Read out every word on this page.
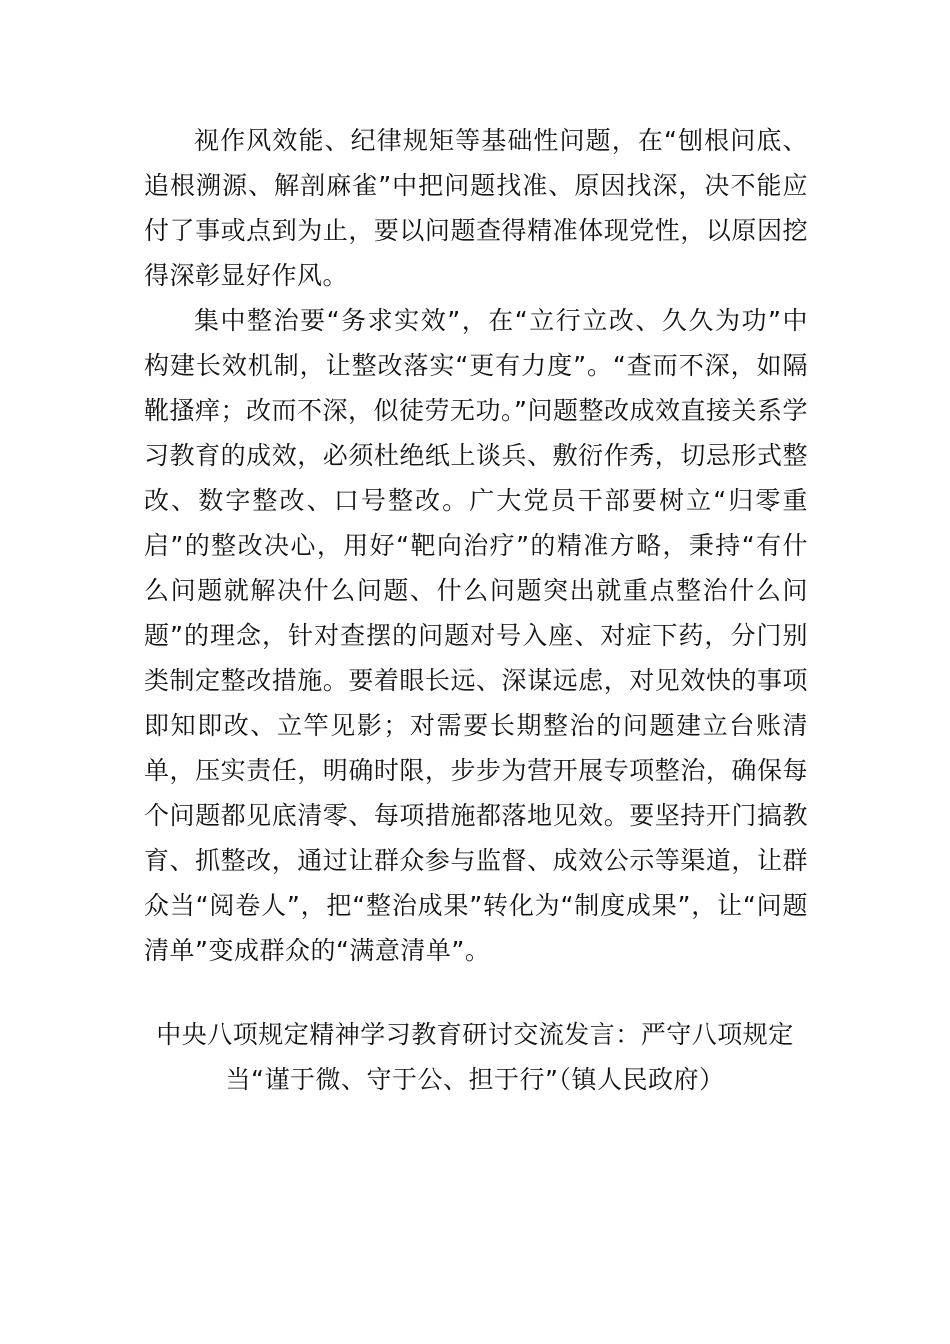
视作风效能、纪律规矩等基础性问题，在“刨根问底、追根溯源、解剖麻雀”中把问题找准、原因找深，决不能应付了事或点到为止，要以问题查得精准体现党性，以原因挖得深彰显好作风。

集中整治要“务求实效”，在“立行立改、久久为功”中构建长效机制，让整改落实“更有力度”。“查而不深，如隔靴搔痒；改而不深，似徒劳无功。”问题整改成效直接关系学习教育的成效，必须杜绝纸上谈兵、敷衍作秀，切忌形式整改、数字整改、口号整改。广大党员干部要树立“归零重启”的整改决心，用好“靶向治疗”的精准方略，秉持“有什么问题就解决什么问题、什么问题突出就重点整治什么问题”的理念，针对查摆的问题对号入座、对症下药，分门别类制定整改措施。要着眼长远、深谋远虑，对见效快的事项即知即改、立竿见影；对需要长期整治的问题建立台账清单，压实责任，明确时限，步步为营开展专项整治，确保每个问题都见底清零、每项措施都落地见效。要坚持开门搞教育、抓整改，通过让群众参与监督、成效公示等渠道，让群众当“阅卷人”，把“整治成果”转化为“制度成果”，让“问题清单”变成群众的“满意清单”。

中央八项规定精神学习教育研讨交流发言：严守八项规定
当“谨于微、守于公、担于行”（镇人民政府）
